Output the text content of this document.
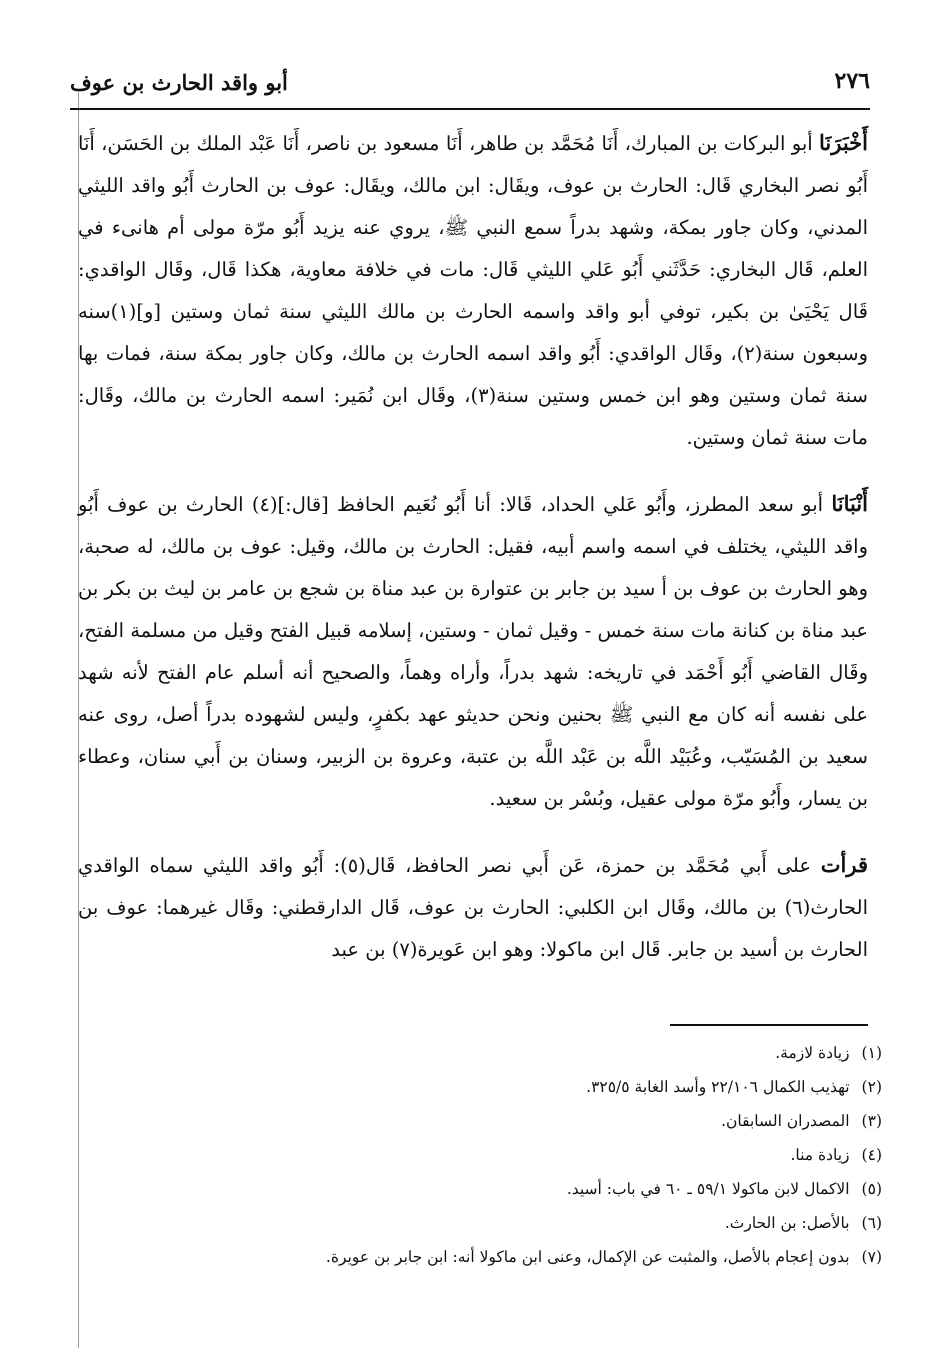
٢٧٦
أبو واقد الحارث بن عوف

أَخْبَرَنَا أبو البركات بن المبارك، أَنَا مُحَمَّد بن طاهر، أَنَا مسعود بن ناصر، أَنَا عَبْد الملك بن الحَسَن، أَنَا أَبُو نصر البخاري قَال: الحارث بن عوف، ويقَال: ابن مالك، ويقَال: عوف بن الحارث أَبُو واقد الليثي المدني، وكان جاور بمكة، وشهد بدراً سمع النبي ﷺ، يروي عنه يزيد أَبُو مرّة مولى أم هانىء في العلم، قَال البخاري: حَدَّثَني أَبُو عَلي الليثي قَال: مات في خلافة معاوية، هكذا قَال، وقَال الواقدي: قَال يَحْيَىٰ بن بكير، توفي أبو واقد واسمه الحارث بن مالك الليثي سنة ثمان وستين [و](١)سنه وسبعون سنة(٢)، وقَال الواقدي: أَبُو واقد اسمه الحارث بن مالك، وكان جاور بمكة سنة، فمات بها سنة ثمان وستين وهو ابن خمس وستين سنة(٣)، وقَال ابن نُمَير: اسمه الحارث بن مالك، وقَال: مات سنة ثمان وستين.

أَنْبَانَا أبو سعد المطرز، وأَبُو عَلي الحداد، قَالا: أنا أَبُو نُعَيم الحافظ [قال:](٤) الحارث بن عوف أَبُو واقد الليثي، يختلف في اسمه واسم أبيه، فقيل: الحارث بن مالك، وقيل: عوف بن مالك، له صحبة، وهو الحارث بن عوف بن أ سيد بن جابر بن عتوارة بن عبد مناة بن شجع بن عامر بن ليث بن بكر بن عبد مناة بن كنانة مات سنة خمس - وقيل ثمان - وستين، إسلامه قبيل الفتح وقيل من مسلمة الفتح، وقَال القاضي أَبُو أَحْمَد في تاريخه: شهد بدراً، وأراه وهماً، والصحيح أنه أسلم عام الفتح لأنه شهد على نفسه أنه كان مع النبي ﷺ بحنين ونحن حديثو عهد بكفرٍ، وليس لشهوده بدراً أصل، روى عنه سعيد بن المُسَيّب، وعُبَيْد اللَّه بن عَبْد اللَّه بن عتبة، وعروة بن الزبير، وسنان بن أَبي سنان، وعطاء بن يسار، وأَبُو مرّة مولى عقيل، وبُسْر بن سعيد.

قرأت على أَبي مُحَمَّد بن حمزة، عَن أَبي نصر الحافظ، قَال(٥): أَبُو واقد الليثي سماه الواقدي الحارث(٦) بن مالك، وقَال ابن الكلبي: الحارث بن عوف، قَال الدارقطني: وقَال غيرهما: عوف بن الحارث بن أسيد بن جابر. قَال ابن ماكولا: وهو ابن عَويرة(٧) بن عبد

(١)زيادة لازمة.
(٢)تهذيب الكمال ٢٢/١٠٦ وأسد الغابة ٣٢٥/٥.
(٣)المصدران السابقان.
(٤)زيادة منا.
(٥)الاكمال لابن ماكولا ٥٩/١ ـ ٦٠ في باب: أسيد.
(٦)بالأصل: بن الحارث.
(٧)بدون إعجام بالأصل، والمثبت عن الإكمال، وعنى ابن ماكولا أنه: ابن جابر بن عويرة.
